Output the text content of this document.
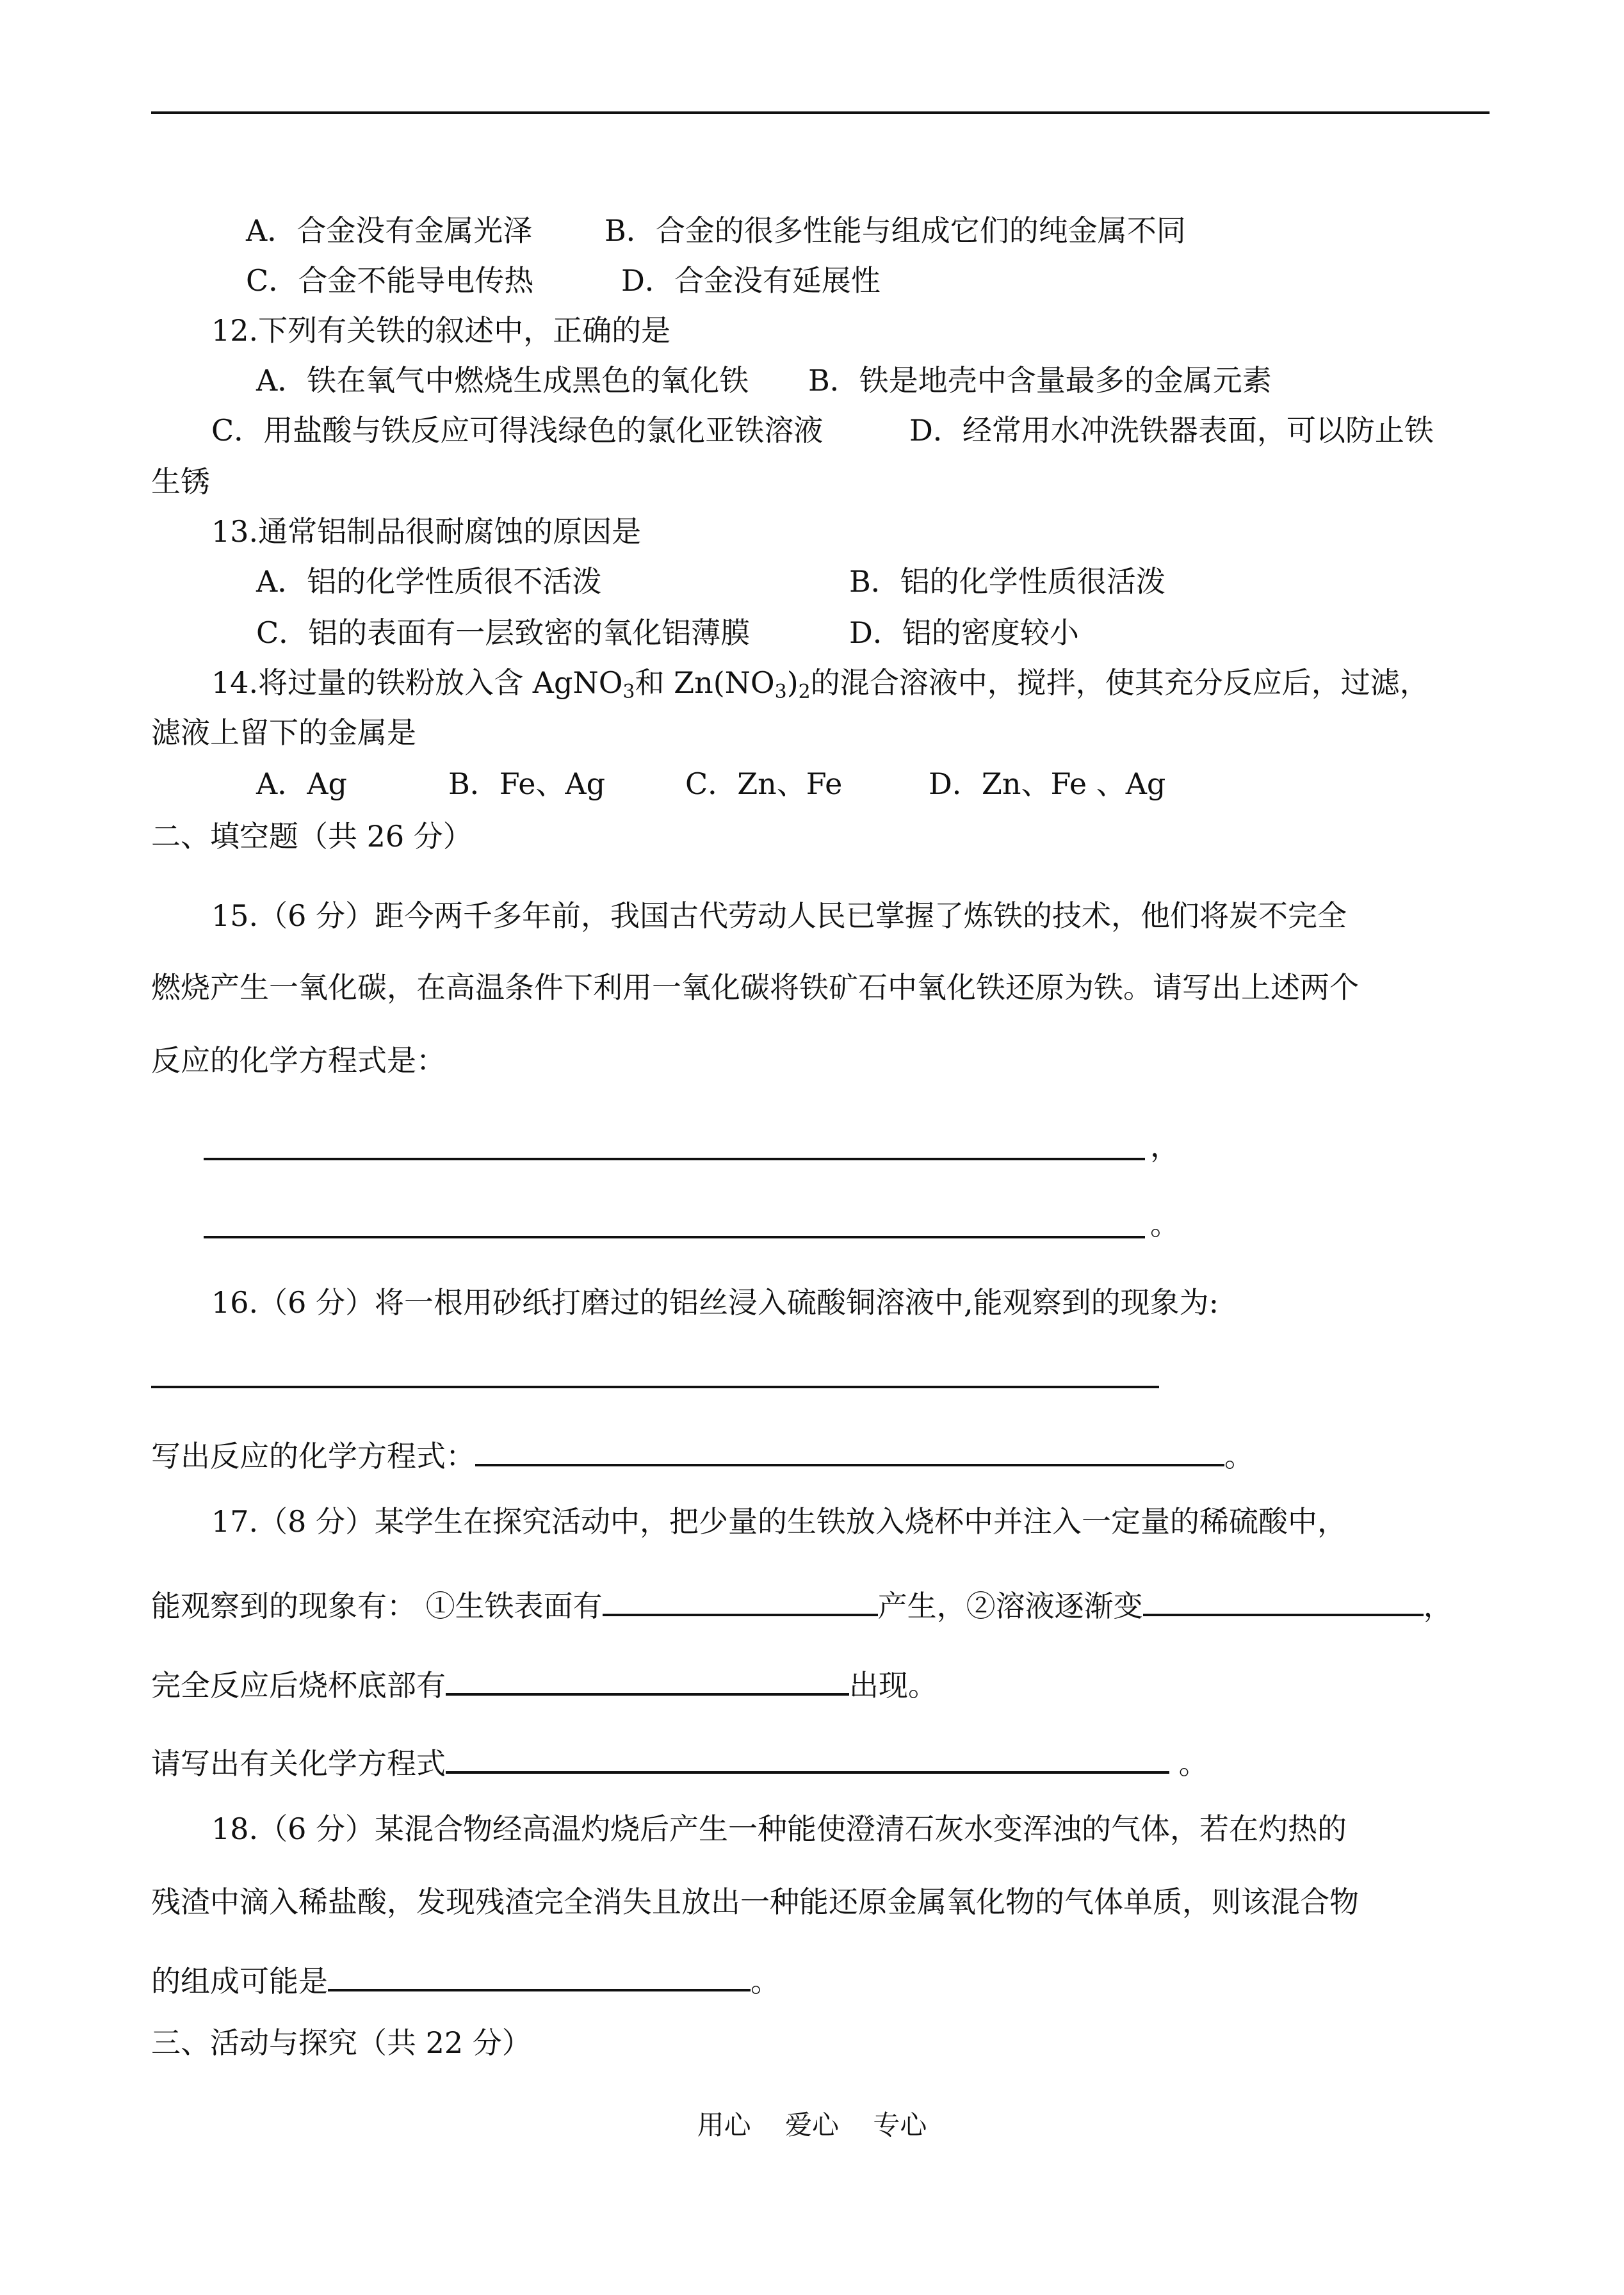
A．合金没有金属光泽 B．合金的很多性能与组成它们的纯金属不同
C．合金不能导电传热	D．合金没有延展性
12.下列有关铁的叙述中，正确的是
A．铁在氧气中燃烧生成黑色的氧化铁 B．铁是地壳中含量最多的金属元素
C．用盐酸与铁反应可得浅绿色的氯化亚铁溶液	D．经常用水冲洗铁器表面，可以防止铁
生锈
13.通常铝制品很耐腐蚀的原因是
A．铝的化学性质很不活泼	B．铝的化学性质很活泼
C．铝的表面有一层致密的氧化铝薄膜	D．铝的密度较小
14.将过量的铁粉放入含 AgNO$_3$和 $Zn(NO_3)_2$的混合溶液中，搅拌，使其充分反应后，过滤，
滤液上留下的金属是
A．Ag	B．Fe、Ag	C．Zn、Fe	D．Zn、Fe 、Ag
二、填空题（共 26 分）
15.（6 分）距今两千多年前，我国古代劳动人民已掌握了炼铁的技术，他们将炭不完全
燃烧产生一氧化碳，在高温条件下利用一氧化碳将铁矿石中氧化铁还原为铁。请写出上述两个
反应的化学方程式是：
，
。
16.（6 分）将一根用砂纸打磨过的铝丝浸入硫酸铜溶液中,能观察到的现象为:
写出反应的化学方程式：	。
17.（8 分）某学生在探究活动中，把少量的生铁放入烧杯中并注入一定量的稀硫酸中，
能观察到的现象有： ①生铁表面有	产生，②溶液逐渐变	，
完全反应后烧杯底部有	出现。
请写出有关化学方程式	。
18.（6 分）某混合物经高温灼烧后产生一种能使澄清石灰水变浑浊的气体，若在灼热的
残渣中滴入稀盐酸，发现残渣完全消失且放出一种能还原金属氧化物的气体单质，则该混合物
的组成可能是	。
三、活动与探究（共 22 分）
用心    爱心    专心
